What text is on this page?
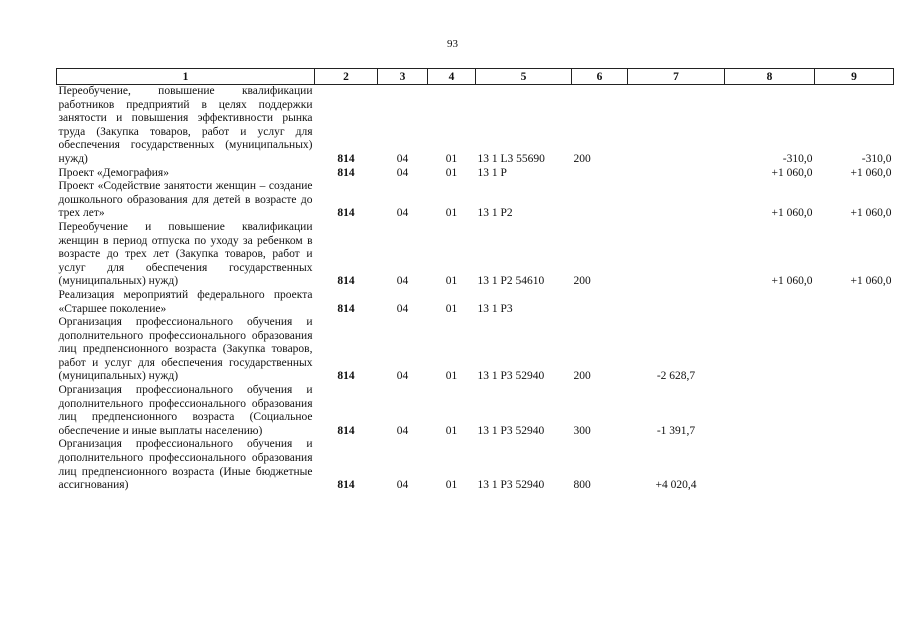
93
1	2	3	4	5	6	7	8	9
Переобучение, повышение квалификации работников предприятий в целях поддержки занятости и повышения эффективности рынка труда (Закупка товаров, работ и услуг для обеспечения государственных (муниципальных) нужд)	814	04	01	13 1 L3 55690	200		-310,0	-310,0
Проект «Демография»	814	04	01	13 1 P			+1 060,0	+1 060,0
Проект «Содействие занятости женщин – создание дошкольного образования для детей в возрасте до трех лет»	814	04	01	13 1 P2			+1 060,0	+1 060,0
Переобучение и повышение квалификации женщин в период отпуска по уходу за ребенком в возрасте до трех лет (Закупка товаров, работ и услуг для обеспечения государственных (муниципальных) нужд)	814	04	01	13 1 P2 54610	200		+1 060,0	+1 060,0
Реализация мероприятий федерального проекта «Старшее поколение»	814	04	01	13 1 P3				
Организация профессионального обучения и дополнительного профессионального образования лиц предпенсионного возраста (Закупка товаров, работ и услуг для обеспечения государственных (муниципальных) нужд)	814	04	01	13 1 P3 52940	200	-2 628,7		
Организация профессионального обучения и дополнительного профессионального образования лиц предпенсионного возраста (Социальное обеспечение и иные выплаты населению)	814	04	01	13 1 P3 52940	300	-1 391,7		
Организация профессионального обучения и дополнительного профессионального образования лиц предпенсионного возраста (Иные бюджетные ассигнования)	814	04	01	13 1 P3 52940	800	+4 020,4		
